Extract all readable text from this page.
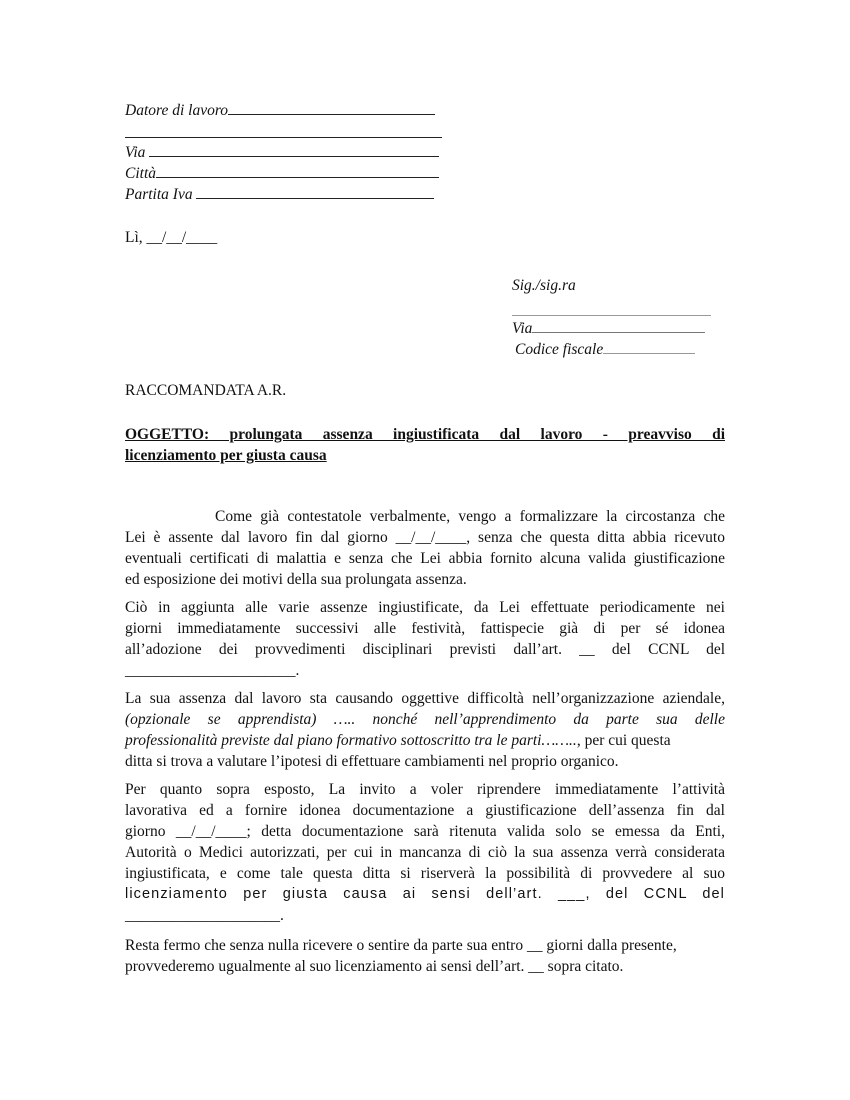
Datore di lavoro
Via
Città
Partita Iva
Lì, __/__/____
Sig./sig.ra
Via
Codice fiscale
RACCOMANDATA A.R.
OGGETTO: prolungata assenza ingiustificata dal lavoro - preavviso di
licenziamento per giusta causa
Come già contestatole verbalmente, vengo a formalizzare la circostanza che
Lei è assente dal lavoro fin dal giorno __/__/____, senza che questa ditta abbia ricevuto
eventuali certificati di malattia e senza che Lei abbia fornito alcuna valida giustificazione
ed esposizione dei motivi della sua prolungata assenza.
Ciò in aggiunta alle varie assenze ingiustificate, da Lei effettuate periodicamente nei
giorni immediatamente successivi alle festività, fattispecie già di per sé idonea
all’adozione dei provvedimenti disciplinari previsti dall’art. __ del CCNL del
______________________.
La sua assenza dal lavoro sta causando oggettive difficoltà nell’organizzazione aziendale,
(opzionale se apprendista) ….. nonché nell’apprendimento da parte sua delle
professionalità previste dal piano formativo sottoscritto tra le parti…….., per cui questa
ditta si trova a valutare l’ipotesi di effettuare cambiamenti nel proprio organico.
Per quanto sopra esposto, La invito a voler riprendere immediatamente l’attività
lavorativa ed a fornire idonea documentazione a giustificazione dell’assenza fin dal
giorno __/__/____; detta documentazione sarà ritenuta valida solo se emessa da Enti,
Autorità o Medici autorizzati, per cui in mancanza di ciò la sua assenza verrà considerata
ingiustificata, e come tale questa ditta si riserverà la possibilità di provvedere al suo
licenziamento per giusta causa ai sensi dell’art. ___, del CCNL del
____________________.
Resta fermo che senza nulla ricevere o sentire da parte sua entro __ giorni dalla presente,
provvederemo ugualmente al suo licenziamento ai sensi dell’art. __ sopra citato.
